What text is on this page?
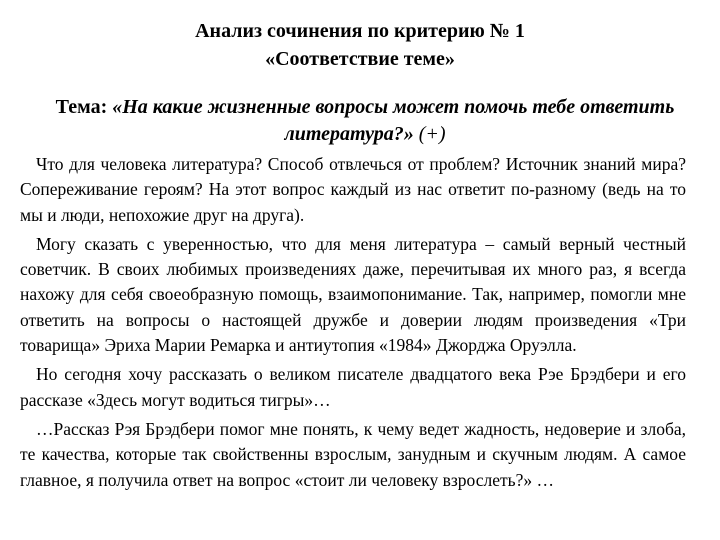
Анализ сочинения по критерию № 1
«Соответствие теме»
Тема: «На какие жизненные вопросы может помочь тебе ответить литература?» (+)

Что для человека литература? Способ отвлечься от проблем? Источник знаний мира? Сопереживание героям? На этот вопрос каждый из нас ответит по-разному (ведь на то мы и люди, непохожие друг на друга).

Могу сказать с уверенностью, что для меня литература – самый верный честный советчик. В своих любимых произведениях даже, перечитывая их много раз, я всегда нахожу для себя своеобразную помощь, взаимопонимание. Так, например, помогли мне ответить на вопросы о настоящей дружбе и доверии людям произведения «Три товарища» Эриха Марии Ремарка и антиутопия «1984» Джорджа Оруэлла.

Но сегодня хочу рассказать о великом писателе двадцатого века Рэе Брэдбери и его рассказе «Здесь могут водиться тигры»…

…Рассказ Рэя Брэдбери помог мне понять, к чему ведет жадность, недоверие и злоба, те качества, которые так свойственны взрослым, занудным и скучным людям. А самое главное, я получила ответ на вопрос «стоит ли человеку взрослеть?» …
